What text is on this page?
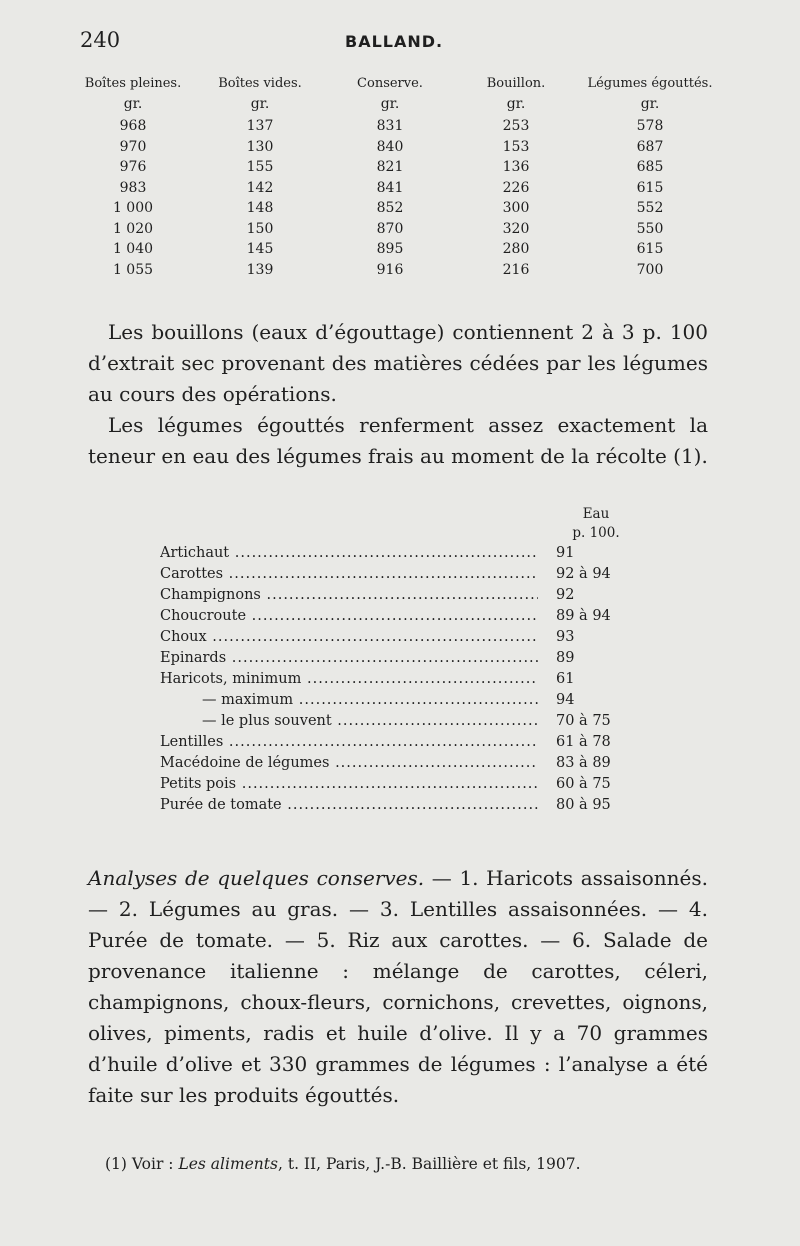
240	BALLAND.
Boîtes pleines.	Boîtes vides.	Conserve.	Bouillon.	Légumes égouttés.
gr.	gr.	gr.	gr.	gr.
968	137	831	253	578
970	130	840	153	687
976	155	821	136	685
983	142	841	226	615
1 000	148	852	300	552
1 020	150	870	320	550
1 040	145	895	280	615
1 055	139	916	216	700

Les bouillons (eaux d’égouttage) contiennent 2 à 3 p. 100 d’extrait sec provenant des matières cédées par les légumes au cours des opérations.

Les légumes égouttés renferment assez exactement la teneur en eau des légumes frais au moment de la récolte (1).

Eau
p. 100.
Artichaut .....	91
Carottes .....	92 à 94
Champignons .....	92
Choucroute .....	89 à 94
Choux .....	93
Épinards .....	89
Haricots, minimum .....	61
— maximum .....	94
— le plus souvent .....	70 à 75
Lentilles .....	61 à 78
Macédoine de légumes .....	83 à 89
Petits pois .....	60 à 75
Purée de tomate .....	80 à 95

Analyses de quelques conserves. — 1. Haricots assaisonnés. — 2. Légumes au gras. — 3. Lentilles assaisonnées. — 4. Purée de tomate. — 5. Riz aux carottes. — 6. Salade de provenance italienne : mélange de carottes, céleri, champignons, choux-fleurs, cornichons, crevettes, oignons, olives, piments, radis et huile d’olive. Il y a 70 grammes d’huile d’olive et 330 grammes de légumes : l’analyse a été faite sur les produits égouttés.

(1) Voir : Les aliments, t. II, Paris, J.-B. Baillière et fils, 1907.
